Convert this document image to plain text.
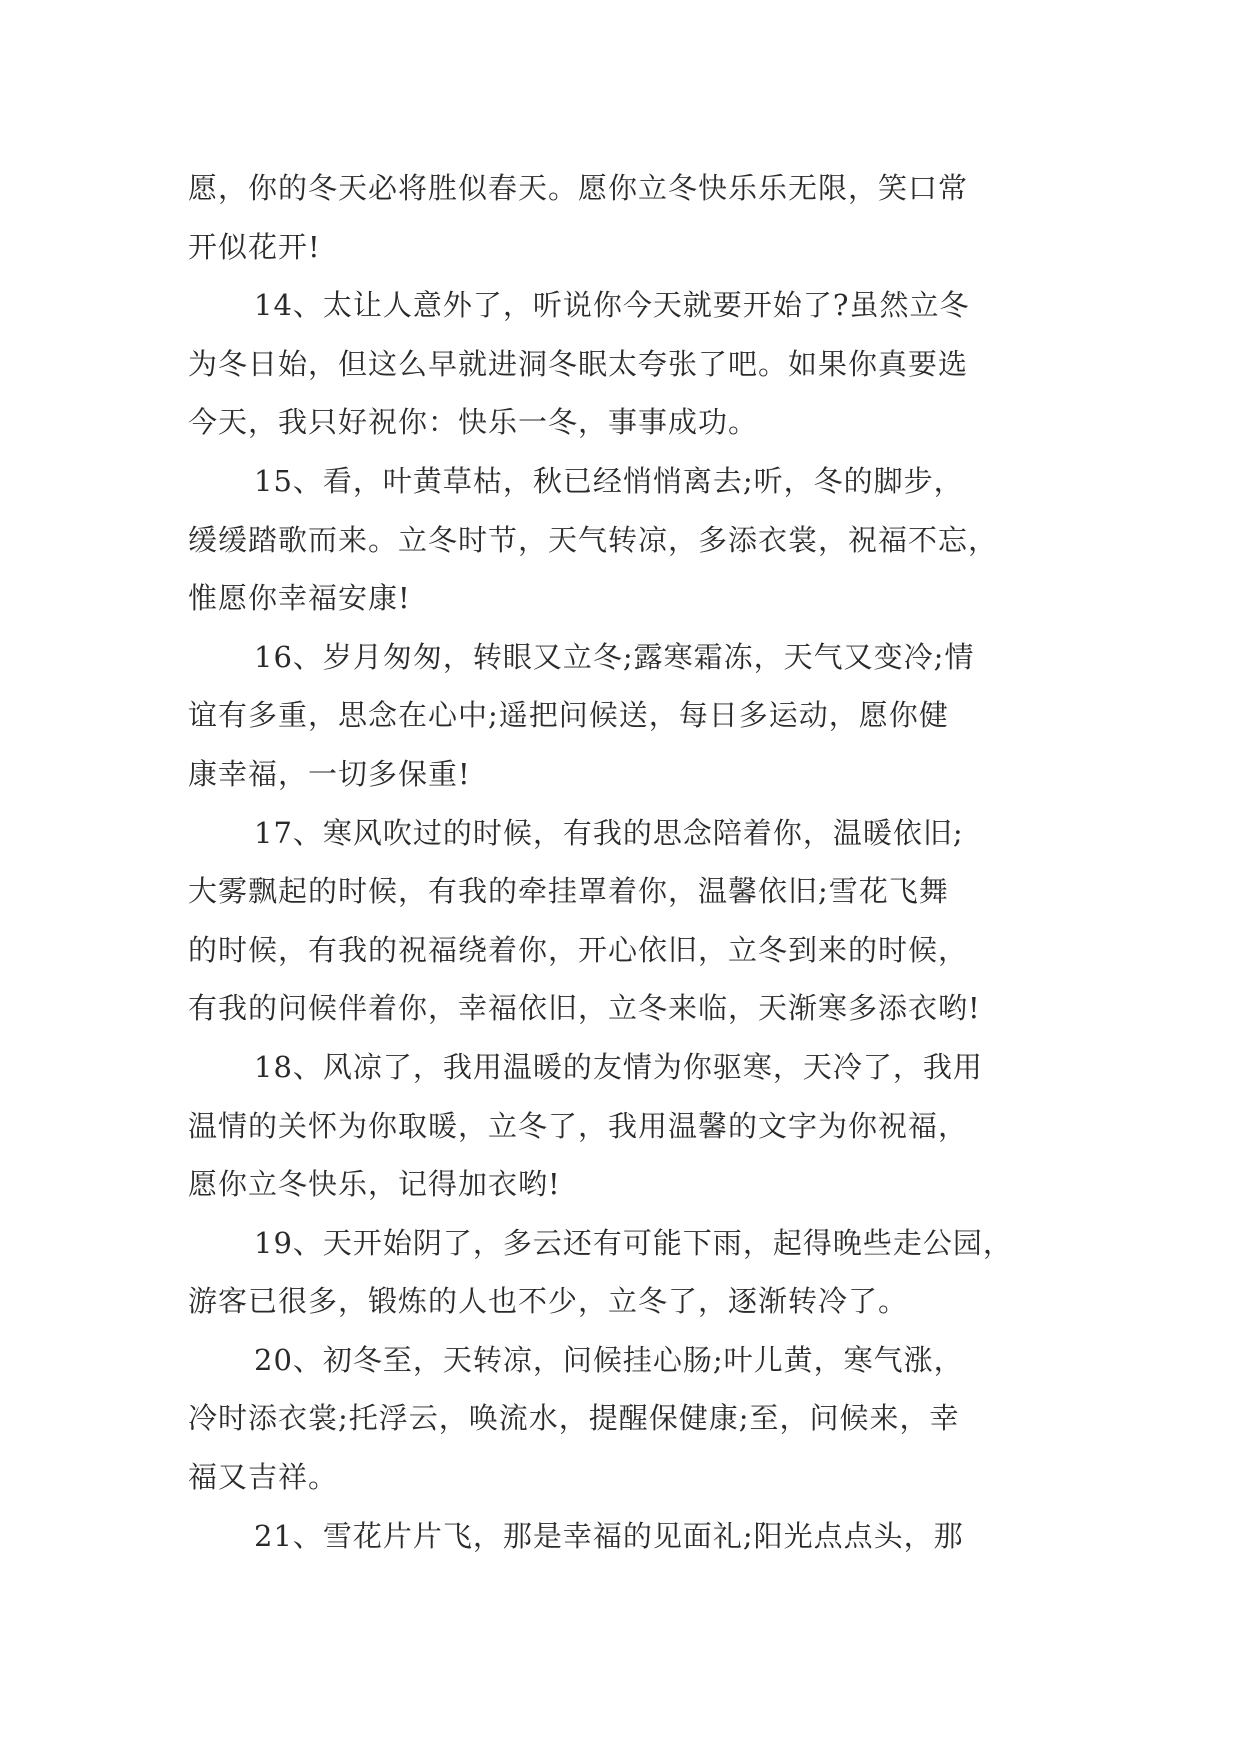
愿，你的冬天必将胜似春天。愿你立冬快乐乐无限，笑口常
开似花开!
14、太让人意外了，听说你今天就要开始了?虽然立冬
为冬日始，但这么早就进洞冬眠太夸张了吧。如果你真要选
今天，我只好祝你：快乐一冬，事事成功。
15、看，叶黄草枯，秋已经悄悄离去;听，冬的脚步，
缓缓踏歌而来。立冬时节，天气转凉，多添衣裳，祝福不忘，
惟愿你幸福安康!
16、岁月匆匆，转眼又立冬;露寒霜冻，天气又变冷;情
谊有多重，思念在心中;遥把问候送，每日多运动，愿你健
康幸福，一切多保重!
17、寒风吹过的时候，有我的思念陪着你，温暖依旧;
大雾飘起的时候，有我的牵挂罩着你，温馨依旧;雪花飞舞
的时候，有我的祝福绕着你，开心依旧，立冬到来的时候，
有我的问候伴着你，幸福依旧，立冬来临，天渐寒多添衣哟!
18、风凉了，我用温暖的友情为你驱寒，天冷了，我用
温情的关怀为你取暖，立冬了，我用温馨的文字为你祝福，
愿你立冬快乐，记得加衣哟!
19、天开始阴了，多云还有可能下雨，起得晚些走公园，
游客已很多，锻炼的人也不少，立冬了，逐渐转冷了。
20、初冬至，天转凉，问候挂心肠;叶儿黄，寒气涨，
冷时添衣裳;托浮云，唤流水，提醒保健康;至，问候来，幸
福又吉祥。
21、雪花片片飞，那是幸福的见面礼;阳光点点头，那
